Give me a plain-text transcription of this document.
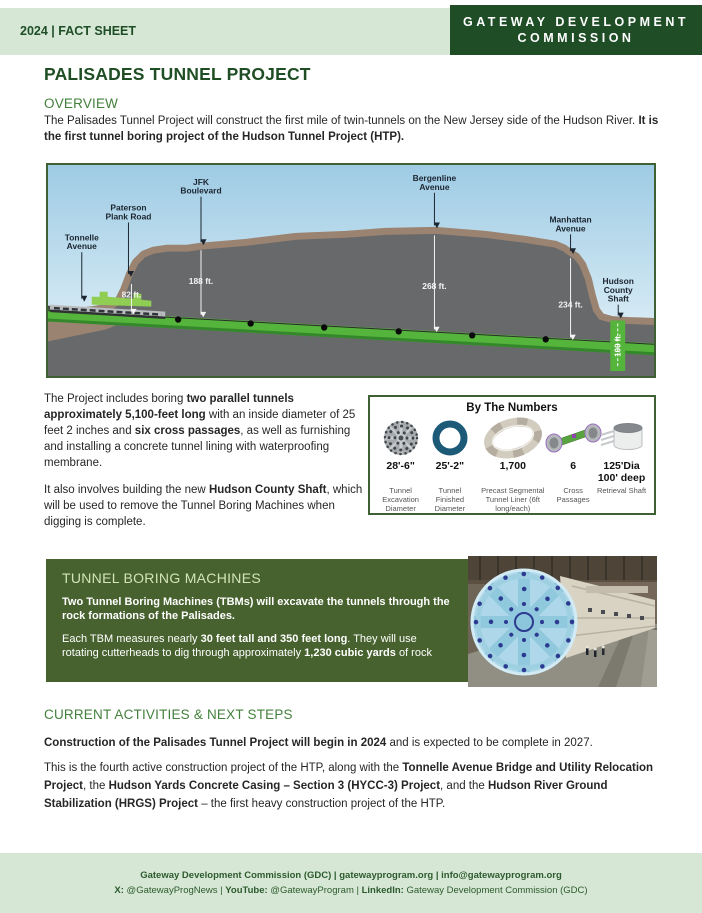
2024 | FACT SHEET
GATEWAY DEVELOPMENT
COMMISSION
PALISADES TUNNEL PROJECT
OVERVIEW
The Palisades Tunnel Project will construct the first mile of twin-tunnels on the New Jersey side of the Hudson River. It is the first tunnel boring project of the Hudson Tunnel Project (HTP).
100 ft.
82 ft.
188 ft.	268 ft.
234 ft.
Tonnelle
Avenue
Paterson
Plank Road
JFK
Boulevard
Bergenline
Avenue
Manhattan
Avenue
Hudson
County
Shaft

The Project includes boring two parallel tunnels approximately 5,100-feet long with an inside diameter of 25 feet 2 inches and six cross passages, as well as furnishing and installing a concrete tunnel lining with waterproofing membrane.

It also involves building the new Hudson County Shaft, which will be used to remove the Tunnel Boring Machines when digging is complete.

By The Numbers
28'-6"
Tunnel Excavation Diameter
25'-2"
Tunnel Finished Diameter
1,700
Precast Segmental Tunnel Liner (6ft long/each)
6
Cross Passages
125'Dia
100' deep
Retrieval Shaft
TUNNEL BORING MACHINES

Two Tunnel Boring Machines (TBMs) will excavate the tunnels through the rock formations of the Palisades.

Each TBM measures nearly 30 feet tall and 350 feet long. They will use rotating cutterheads to dig through approximately 1,230 cubic yards of rock

CURRENT ACTIVITIES & NEXT STEPS
Construction of the Palisades Tunnel Project will begin in 2024 and is expected to be complete in 2027.
This is the fourth active construction project of the HTP, along with the Tonnelle Avenue Bridge and Utility Relocation Project, the Hudson Yards Concrete Casing – Section 3 (HYCC-3) Project, and the Hudson River Ground Stabilization (HRGS) Project – the first heavy construction project of the HTP.
Gateway Development Commission (GDC) | gatewayprogram.org | info@gatewayprogram.org
X: @GatewayProgNews | YouTube: @GatewayProgram | LinkedIn: Gateway Development Commission (GDC)
